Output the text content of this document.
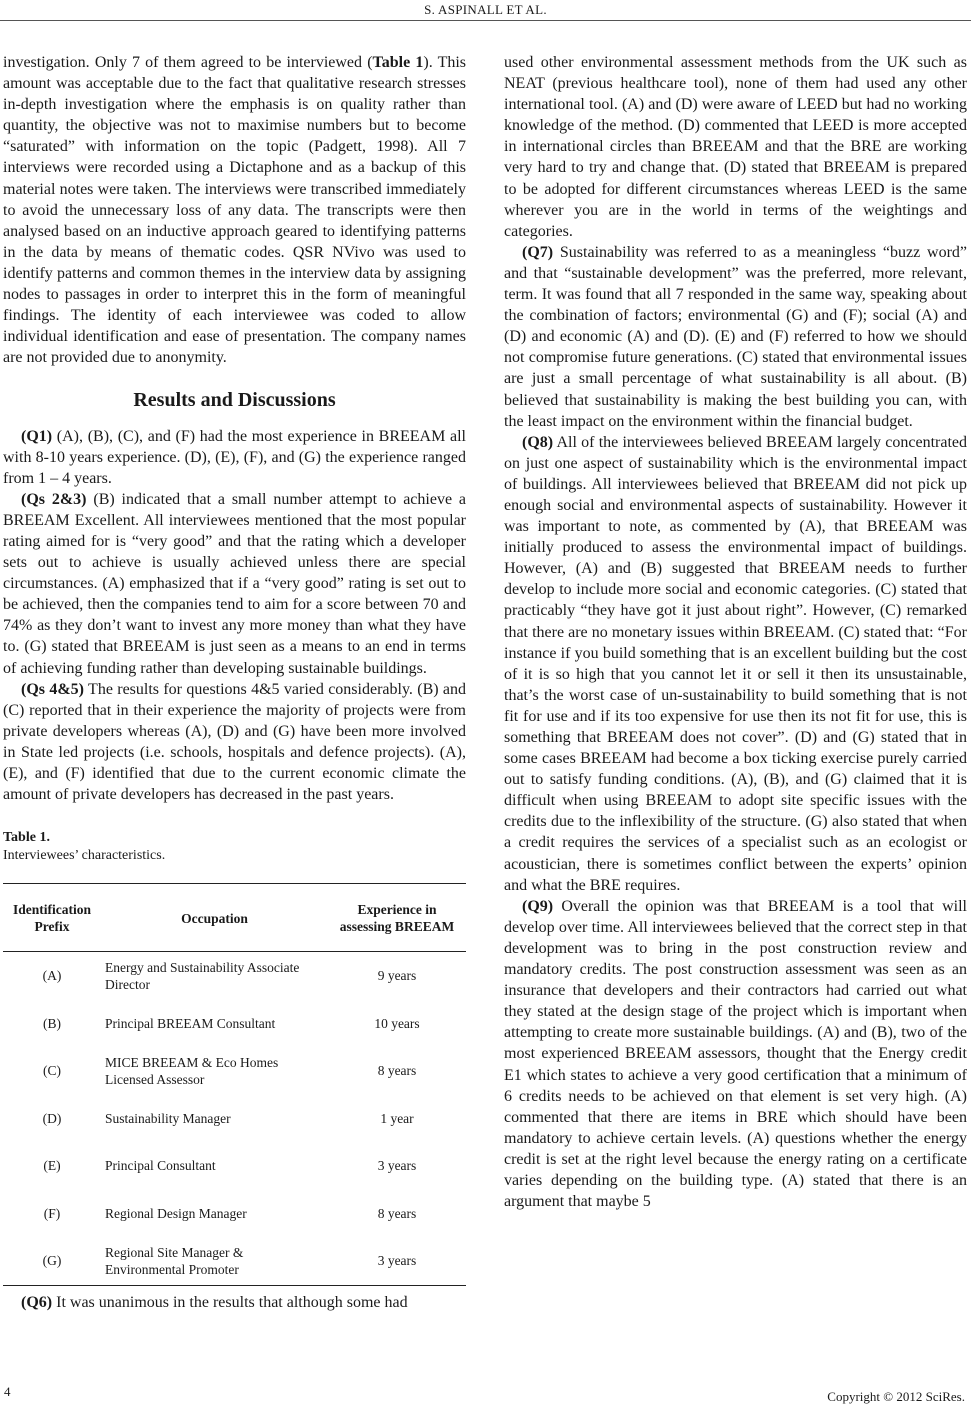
S. ASPINALL ET AL.

investigation. Only 7 of them agreed to be interviewed (Table 1). This amount was acceptable due to the fact that qualitative research stresses in-depth investigation where the emphasis is on quality rather than quantity, the objective was not to maximise numbers but to become “saturated” with information on the topic (Padgett, 1998). All 7 interviews were recorded using a Dictaphone and as a backup of this material notes were taken. The interviews were transcribed immediately to avoid the unnecessary loss of any data. The transcripts were then analysed based on an inductive approach geared to identifying patterns in the data by means of thematic codes. QSR NVivo was used to identify patterns and common themes in the interview data by assigning nodes to passages in order to interpret this in the form of meaningful findings. The identity of each interviewee was coded to allow individual identification and ease of presentation. The company names are not provided due to anonymity.

Results and Discussions

(Q1) (A), (B), (C), and (F) had the most experience in BREEAM all with 8-10 years experience. (D), (E), (F), and (G) the experience ranged from 1 – 4 years.

(Qs 2&3) (B) indicated that a small number attempt to achieve a BREEAM Excellent. All interviewees mentioned that the most popular rating aimed for is “very good” and that the rating which a developer sets out to achieve is usually achieved unless there are special circumstances. (A) emphasized that if a “very good” rating is set out to be achieved, then the companies tend to aim for a score between 70 and 74% as they don’t want to invest any more money than what they have to. (G) stated that BREEAM is just seen as a means to an end in terms of achieving funding rather than developing sustainable buildings.

(Qs 4&5) The results for questions 4&5 varied considerably. (B) and (C) reported that in their experience the majority of projects were from private developers whereas (A), (D) and (G) have been more involved in State led projects (i.e. schools, hospitals and defence projects). (A), (E), and (F) identified that due to the current economic climate the amount of private developers has decreased in the past years.

Table 1.

Interviewees’ characteristics.

Identification Prefix	Occupation	Experience in assessing BREEAM
(A)	Energy and Sustainability Associate Director	9 years
(B)	Principal BREEAM Consultant	10 years
(C)	MICE BREEAM & Eco Homes Licensed Assessor	8 years
(D)	Sustainability Manager	1 year
(E)	Principal Consultant	3 years
(F)	Regional Design Manager	8 years
(G)	Regional Site Manager & Environmental Promoter	3 years

(Q6) It was unanimous in the results that although some had

used other environmental assessment methods from the UK such as NEAT (previous healthcare tool), none of them had used any other international tool. (A) and (D) were aware of LEED but had no working knowledge of the method. (D) commented that LEED is more accepted in international circles than BREEAM and that the BRE are working very hard to try and change that. (D) stated that BREEAM is prepared to be adopted for different circumstances whereas LEED is the same wherever you are in the world in terms of the weightings and categories.

(Q7) Sustainability was referred to as a meaningless “buzz word” and that “sustainable development” was the preferred, more relevant, term. It was found that all 7 responded in the same way, speaking about the combination of factors; environmental (G) and (F); social (A) and (D) and economic (A) and (D). (E) and (F) referred to how we should not compromise future generations. (C) stated that environmental issues are just a small percentage of what sustainability is all about. (B) believed that sustainability is making the best building you can, with the least impact on the environment within the financial budget.

(Q8) All of the interviewees believed BREEAM largely concentrated on just one aspect of sustainability which is the environmental impact of buildings. All interviewees believed that BREEAM did not pick up enough social and environmental aspects of sustainability. However it was important to note, as commented by (A), that BREEAM was initially produced to assess the environmental impact of buildings. However, (A) and (B) suggested that BREEAM needs to further develop to include more social and economic categories. (C) stated that practicably “they have got it just about right”. However, (C) remarked that there are no monetary issues within BREEAM. (C) stated that: “For instance if you build something that is an excellent building but the cost of it is so high that you cannot let it or sell it then its unsustainable, that’s the worst case of un-sustainability to build something that is not fit for use and if its too expensive for use then its not fit for use, this is something that BREEAM does not cover”. (D) and (G) stated that in some cases BREEAM had become a box ticking exercise purely carried out to satisfy funding conditions. (A), (B), and (G) claimed that it is difficult when using BREEAM to adopt site specific issues with the credits due to the inflexibility of the structure. (G) also stated that when a credit requires the services of a specialist such as an ecologist or acoustician, there is sometimes conflict between the experts’ opinion and what the BRE requires.

(Q9) Overall the opinion was that BREEAM is a tool that will develop over time. All interviewees believed that the correct step in that development was to bring in the post construction review and mandatory credits. The post construction assessment was seen as an insurance that developers and their contractors had carried out what they stated at the design stage of the project which is important when attempting to create more sustainable buildings. (A) and (B), two of the most experienced BREEAM assessors, thought that the Energy credit E1 which states to achieve a very good certification that a minimum of 6 credits needs to be achieved on that element is set very high. (A) commented that there are items in BRE which should have been mandatory to achieve certain levels. (A) questions whether the energy credit is set at the right level because the energy rating on a certificate varies depending on the building type. (A) stated that there is an argument that maybe 5

4	Copyright © 2012 SciRes.
